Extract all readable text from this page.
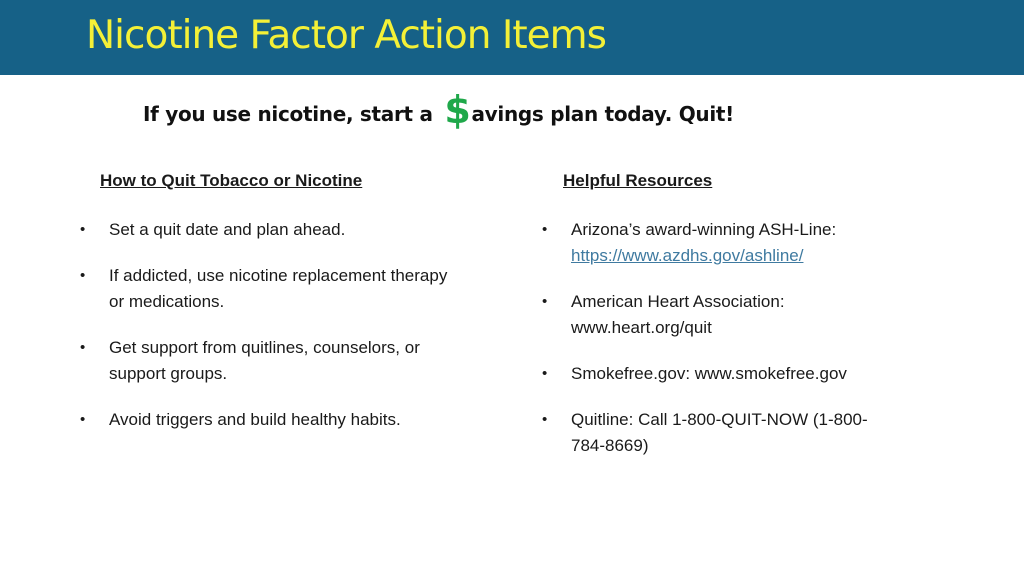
Nicotine Factor Action Items
If you use nicotine, start a $ avings plan today. Quit!
How to Quit Tobacco or Nicotine
• Set a quit date and plan ahead.
• If addicted, use nicotine replacement therapy or medications.
• Get support from quitlines, counselors, or support groups.
• Avoid triggers and build healthy habits.
Helpful Resources
• Arizona’s award-winning ASH-Line:
https://www.azdhs.gov/ashline/
• American Heart Association: www.heart.org/quit
• Smokefree.gov: www.smokefree.gov
• Quitline: Call 1-800-QUIT-NOW (1-800-784-8669)
